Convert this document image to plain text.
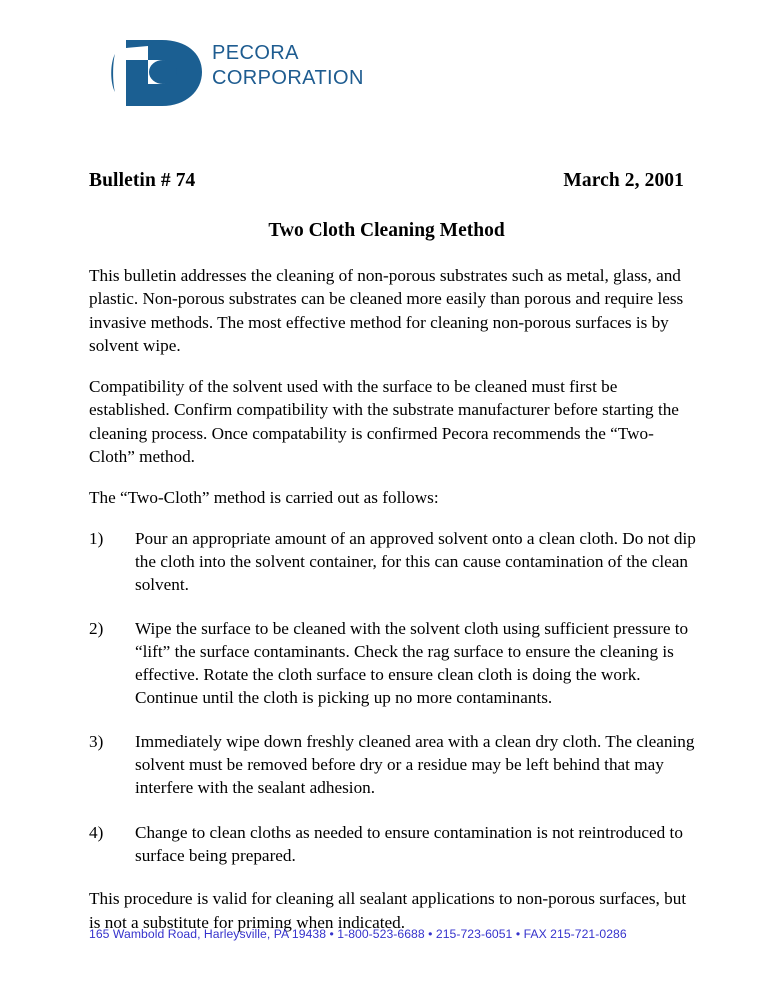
PECORA
CORPORATION
Bulletin # 74	March 2, 2001
Two Cloth Cleaning Method

This bulletin addresses the cleaning of non-porous substrates such as metal, glass, and plastic. Non-porous substrates can be cleaned more easily than porous and require less invasive methods. The most effective method for cleaning non-porous surfaces is by solvent wipe.

Compatibility of the solvent used with the surface to be cleaned must first be established. Confirm compatibility with the substrate manufacturer before starting the cleaning process. Once compatability is confirmed Pecora recommends the “Two-Cloth” method.

The “Two-Cloth” method is carried out as follows:

1)	Pour an appropriate amount of an approved solvent onto a clean cloth. Do not dip the cloth into the solvent container, for this can cause contamination of the clean solvent.
2)	Wipe the surface to be cleaned with the solvent cloth using sufficient pressure to “lift” the surface contaminants. Check the rag surface to ensure the cleaning is effective. Rotate the cloth surface to ensure clean cloth is doing the work. Continue until the cloth is picking up no more contaminants.
3)	Immediately wipe down freshly cleaned area with a clean dry cloth. The cleaning solvent must be removed before dry or a residue may be left behind that may interfere with the sealant adhesion.
4)	Change to clean cloths as needed to ensure contamination is not reintroduced to surface being prepared.

This procedure is valid for cleaning all sealant applications to non-porous surfaces, but is not a substitute for priming when indicated.

165 Wambold Road, Harleysville, PA 19438 • 1-800-523-6688 • 215-723-6051 • FAX 215-721-0286
